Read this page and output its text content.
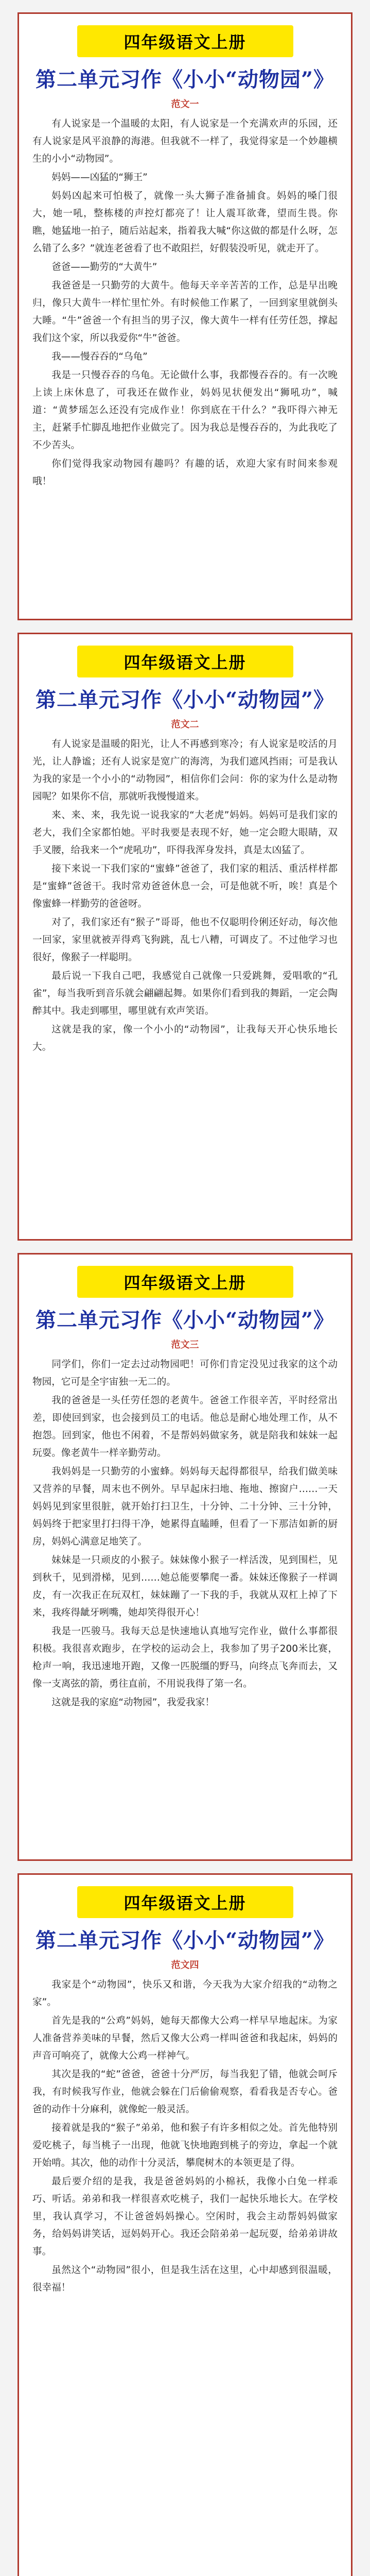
四年级语文上册
第二单元习作《小小“动物园”》
范文一

有人说家是一个温暖的太阳，有人说家是一个充满欢声的乐园，还有人说家是风平浪静的海港。但我就不一样了，我觉得家是一个妙趣横生的小小“动物园”。

妈妈——凶猛的“狮王”

妈妈凶起来可怕极了，就像一头大狮子准备捕食。妈妈的嗓门很大，她一吼，整栋楼的声控灯都亮了！让人震耳欲聋，望而生畏。你瞧，她猛地一拍子，随后站起来，指着我大喊“你这做的都是什么呀，怎么错了么多？”就连老爸看了也不敢阻拦，好假装没听见，就走开了。

爸爸——勤劳的“大黄牛”

我爸爸是一只勤劳的大黄牛。他每天辛辛苦苦的工作，总是早出晚归，像只大黄牛一样忙里忙外。有时候他工作累了，一回到家里就倒头大睡。“牛”爸爸一个有担当的男子汉，像大黄牛一样有任劳任怨，撑起我们这个家，所以我爱你“牛”爸爸。

我——慢吞吞的“乌龟”

我是一只慢吞吞的乌龟。无论做什么事，我都慢吞吞的。有一次晚上读上床休息了，可我还在做作业，妈妈见状便发出“狮吼功”，喊道：“黄梦瑶怎么还没有完成作业！你到底在干什么？”我吓得六神无主，赶紧手忙脚乱地把作业做完了。因为我总是慢吞吞的，为此我吃了不少苦头。

你们觉得我家动物园有趣吗？有趣的话，欢迎大家有时间来参观哦！

四年级语文上册
第二单元习作《小小“动物园”》
范文二

有人说家是温暖的阳光，让人不再感到寒冷；有人说家是咬活的月光，让人静谧；还有人说家是宽广的海湾，为我们遮风挡雨；可是我认为我的家是一个小小的“动物园”，相信你们会问：你的家为什么是动物园呢？如果你不信，那就听我慢慢道来。

来、来、来，我先说一说我家的“大老虎”妈妈。妈妈可是我们家的老大，我们全家都怕她。平时我要是表现不好，她一定会瞪大眼睛，双手叉腰，给我来一个“虎吼功”，吓得我浑身发抖，真是太凶猛了。

接下来说一下我们家的“蜜蜂”爸爸了，我们家的粗活、重活样样都是“蜜蜂”爸爸干。我时常劝爸爸休息一会，可是他就不听，唉！真是个像蜜蜂一样勤劳的爸爸呀。

对了，我们家还有“猴子”哥哥，他也不仅聪明伶俐还好动，每次他一回家，家里就被弄得鸡飞狗跳，乱七八糟，可调皮了。不过他学习也很好，像猴子一样聪明。

最后说一下我自己吧，我感觉自己就像一只爱跳舞，爱唱歌的“孔雀”，每当我听到音乐就会翩翩起舞。如果你们看到我的舞蹈，一定会陶醉其中。我走到哪里，哪里就有欢声笑语。

这就是我的家，像一个小小的“动物园”，让我每天开心快乐地长大。

四年级语文上册
第二单元习作《小小“动物园”》
范文三

同学们，你们一定去过动物园吧！可你们肯定没见过我家的这个动物园，它可是全宇宙独一无二的。

我的爸爸是一头任劳任怨的老黄牛。爸爸工作很辛苦，平时经常出差，即使回到家，也会接到员工的电话。他总是耐心地处理工作，从不抱怨。回到家，他也不闲着，不是帮妈妈做家务，就是陪我和妹妹一起玩耍。像老黄牛一样辛勤劳动。

我妈妈是一只勤劳的小蜜蜂。妈妈每天起得都很早，给我们做美味又营养的早餐，周末也不例外。早早起床扫地、拖地、擦窗户……一天妈妈见到家里很脏，就开始打扫卫生，十分钟、二十分钟、三十分钟，妈妈终于把家里打扫得干净，她累得直瞌睡，但看了一下那洁如新的厨房，妈妈心满意足地笑了。

妹妹是一只顽皮的小猴子。妹妹像小猴子一样活泼，见到围栏，见到秋千，见到滑梯，见到……她总能要攀爬一番。妹妹还像猴子一样调皮，有一次我正在玩双杠，妹妹蹦了一下我的手，我就从双杠上掉了下来，我疼得龇牙咧嘴，她却笑得很开心！

我是一匹骏马。我每天总是快速地认真地写完作业，做什么事都很积极。我很喜欢跑步，在学校的运动会上，我参加了男子200米比赛，枪声一响，我迅速地开跑，又像一匹脱缰的野马，向终点飞奔而去，又像一支离弦的箭，勇往直前，不用说我得了第一名。

这就是我的家庭“动物园”，我爱我家！

四年级语文上册
第二单元习作《小小“动物园”》
范文四

我家是个“动物园”，快乐又和谐，今天我为大家介绍我的“动物之家”。

首先是我的“公鸡”妈妈，她每天都像大公鸡一样早早地起床。为家人准备营养美味的早餐，然后又像大公鸡一样叫爸爸和我起床，妈妈的声音可响亮了，就像大公鸡一样神气。

其次是我的“蛇”爸爸，爸爸十分严厉，每当我犯了错，他就会呵斥我，有时候我写作业，他就会躲在门后偷偷观察，看看我是否专心。爸爸的动作十分麻利，就像蛇一般灵活。

接着就是我的“猴子”弟弟，他和猴子有许多相似之处。首先他特别爱吃桃子，每当桃子一出现，他就飞快地跑到桃子的旁边，拿起一个就开始啃。其次，他的动作十分灵活，攀爬树木的本领更是了得。

最后要介绍的是我，我是爸爸妈妈的小棉袄，我像小白兔一样乖巧、听话。弟弟和我一样很喜欢吃桃子，我们一起快乐地长大。在学校里，我认真学习，不让爸爸妈妈操心。空闲时，我会主动帮妈妈做家务，给妈妈讲笑话，逗妈妈开心。我还会陪弟弟一起玩耍，给弟弟讲故事。

虽然这个“动物园”很小，但是我生活在这里，心中却感到很温暖，很幸福！
